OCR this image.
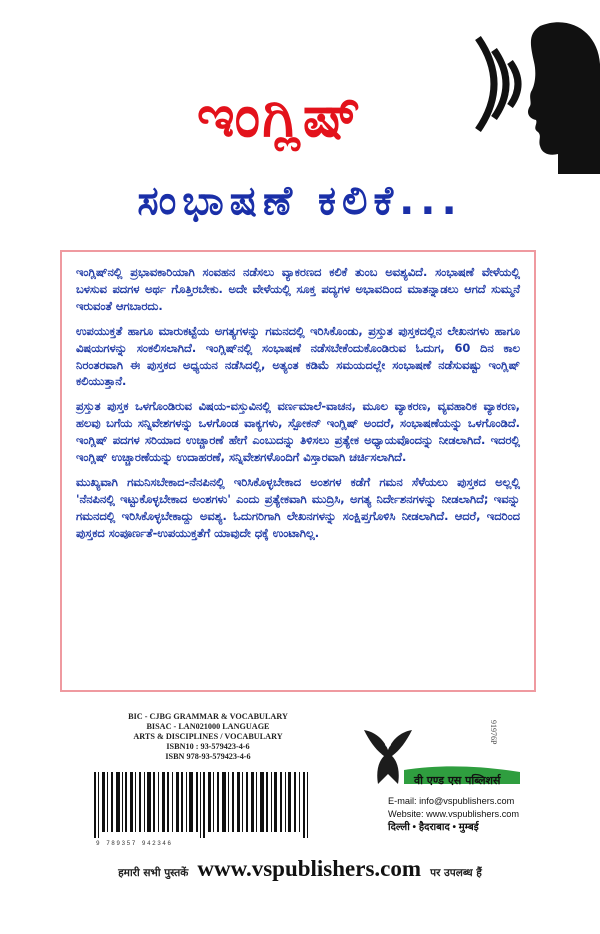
ಇಂಗ್ಲಿಷ್
ಸಂಭಾಷಣೆ ಕಲಿಕೆ...

ಇಂಗ್ಲಿಷ್‌ನಲ್ಲಿ ಪ್ರಭಾವಕಾರಿಯಾಗಿ ಸಂವಹನ ನಡೆಸಲು ವ್ಯಾಕರಣದ ಕಲಿಕೆ ತುಂಬ ಅವಶ್ಯವಿದೆ. ಸಂಭಾಷಣೆ ವೇಳೆಯಲ್ಲಿ ಬಳಸುವ ಪದಗಳ ಅರ್ಥ ಗೊತ್ತಿರಬೇಕು. ಅದೇ ವೇಳೆಯಲ್ಲಿ ಸೂಕ್ತ ಪದ್ಯಗಳ ಅಭಾವದಿಂದ ಮಾತನ್ನಾಡಲು ಆಗದೆ ಸುಮ್ಮನೆ ಇರುವಂತೆ ಆಗಬಾರದು.

ಉಪಯುಕ್ತತೆ ಹಾಗೂ ಮಾರುಕಟ್ಟೆಯ ಅಗತ್ಯಗಳನ್ನು ಗಮನದಲ್ಲಿ ಇರಿಸಿಕೊಂಡು, ಪ್ರಸ್ತುತ ಪುಸ್ತಕದಲ್ಲಿನ ಲೇಖನಗಳು ಹಾಗೂ ವಿಷಯಗಳನ್ನು ಸಂಕಲಿಸಲಾಗಿದೆ. ಇಂಗ್ಲಿಷ್‌ನಲ್ಲಿ ಸಂಭಾಷಣೆ ನಡೆಸಬೇಕೆಂದುಕೊಂಡಿರುವ ಓದುಗ, 60 ದಿನ ಕಾಲ ನಿರಂತರವಾಗಿ ಈ ಪುಸ್ತಕದ ಅಧ್ಯಯನ ನಡೆಸಿದಲ್ಲಿ, ಅತ್ಯಂತ ಕಡಿಮೆ ಸಮಯದಲ್ಲೇ ಸಂಭಾಷಣೆ ನಡೆಸುವಷ್ಟು ಇಂಗ್ಲಿಷ್ ಕಲಿಯುತ್ತಾನೆ.

ಪ್ರಸ್ತುತ ಪುಸ್ತಕ ಒಳಗೊಂಡಿರುವ ವಿಷಯ-ವಸ್ತುವಿನಲ್ಲಿ ವರ್ಣಮಾಲೆ-ವಾಚನ, ಮೂಲ ವ್ಯಾಕರಣ, ವ್ಯವಹಾರಿಕ ವ್ಯಾಕರಣ, ಹಲವು ಬಗೆಯ ಸನ್ನಿವೇಶಗಳನ್ನು ಒಳಗೊಂಡ ವಾಕ್ಯಗಳು, ಸ್ಪೋಕನ್ ಇಂಗ್ಲಿಷ್ ಅಂದರೆ, ಸಂಭಾಷಣೆಯನ್ನು ಒಳಗೊಂಡಿದೆ. ಇಂಗ್ಲಿಷ್ ಪದಗಳ ಸರಿಯಾದ ಉಚ್ಚಾರಣೆ ಹೇಗೆ ಎಂಬುದನ್ನು ತಿಳಿಸಲು ಪ್ರತ್ಯೇಕ ಅಧ್ಯಾಯವೊಂದನ್ನು ನೀಡಲಾಗಿದೆ. ಇದರಲ್ಲಿ ಇಂಗ್ಲಿಷ್ ಉಚ್ಚಾರಣೆಯನ್ನು ಉದಾಹರಣೆ, ಸನ್ನಿವೇಶಗಳೊಂದಿಗೆ ವಿಸ್ತಾರವಾಗಿ ಚರ್ಚಿಸಲಾಗಿದೆ.

ಮುಖ್ಯವಾಗಿ ಗಮನಿಸಬೇಕಾದ-ನೆನಪಿನಲ್ಲಿ ಇರಿಸಿಕೊಳ್ಳಬೇಕಾದ ಅಂಶಗಳ ಕಡೆಗೆ ಗಮನ ಸೆಳೆಯಲು ಪುಸ್ತಕದ ಅಲ್ಲಲ್ಲಿ 'ನೆನಪಿನಲ್ಲಿ ಇಟ್ಟುಕೊಳ್ಳಬೇಕಾದ ಅಂಶಗಳು' ಎಂದು ಪ್ರತ್ಯೇಕವಾಗಿ ಮುದ್ರಿಸಿ, ಅಗತ್ಯ ನಿರ್ದೇಶನಗಳನ್ನು ನೀಡಲಾಗಿದೆ; ಇವನ್ನು ಗಮನದಲ್ಲಿ ಇರಿಸಿಕೊಳ್ಳಬೇಕಾದ್ದು ಅವಶ್ಯ. ಓದುಗರಿಗಾಗಿ ಲೇಖನಗಳನ್ನು ಸಂಕ್ಷಿಪ್ತಗೊಳಿಸಿ ನೀಡಲಾಗಿದೆ. ಆದರೆ, ಇದರಿಂದ ಪುಸ್ತಕದ ಸಂಪೂರ್ಣತೆ-ಉಪಯುಕ್ತತೆಗೆ ಯಾವುದೇ ಧಕ್ಕೆ ಉಂಟಾಗಿಲ್ಲ.

BIC - CJBG GRAMMAR & VOCABULARY
BISAC - LAN021000 LANGUAGE
ARTS & DISCIPLINES / VOCABULARY
ISBN10 : 93-579423-4-6
ISBN 978-93-579423-4-6
9 789357 942346
91976P
वी एण्ड एस पब्लिशर्स
E-mail: info@vspublishers.com
Website: www.vspublishers.com
दिल्ली • हैदराबाद • मुम्बई
हमारी सभी पुस्तकें www.vspublishers.com पर उपलब्ध हैं
